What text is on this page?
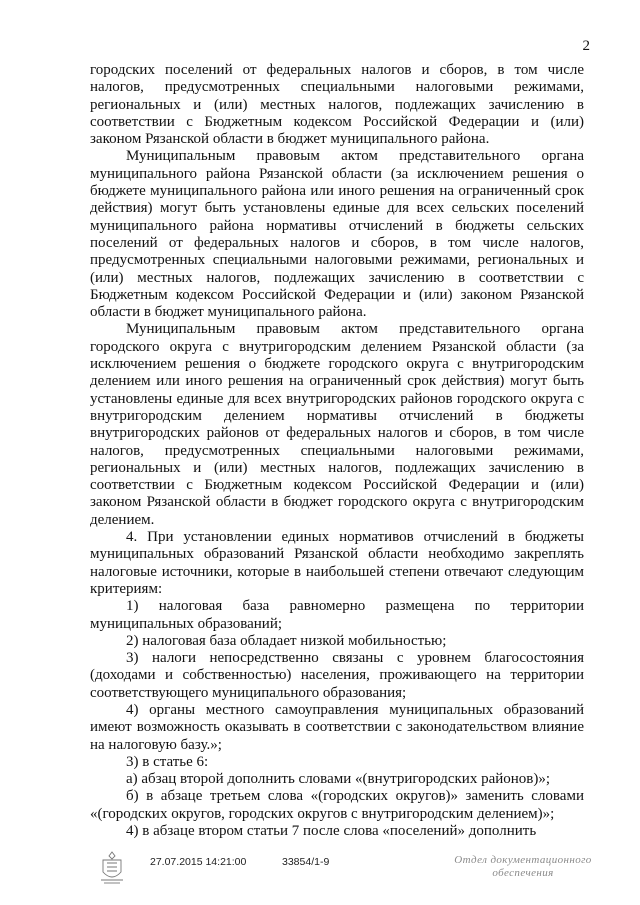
2

городских поселений от федеральных налогов и сборов, в том числе налогов, предусмотренных специальными налоговыми режимами, региональных и (или) местных налогов, подлежащих зачислению в соответствии с Бюджетным кодексом Российской Федерации и (или) законом Рязанской области в бюджет муниципального района.

Муниципальным правовым актом представительного органа муниципального района Рязанской области (за исключением решения о бюджете муниципального района или иного решения на ограниченный срок действия) могут быть установлены единые для всех сельских поселений муниципального района нормативы отчислений в бюджеты сельских поселений от федеральных налогов и сборов, в том числе налогов, предусмотренных специальными налоговыми режимами, региональных и (или) местных налогов, подлежащих зачислению в соответствии с Бюджетным кодексом Российской Федерации и (или) законом Рязанской области в бюджет муниципального района.

Муниципальным правовым актом представительного органа городского округа с внутригородским делением Рязанской области (за исключением решения о бюджете городского округа с внутригородским делением или иного решения на ограниченный срок действия) могут быть установлены единые для всех внутригородских районов городского округа с внутригородским делением нормативы отчислений в бюджеты внутригородских районов от федеральных налогов и сборов, в том числе налогов, предусмотренных специальными налоговыми режимами, региональных и (или) местных налогов, подлежащих зачислению в соответствии с Бюджетным кодексом Российской Федерации и (или) законом Рязанской области в бюджет городского округа с внутригородским делением.

4. При установлении единых нормативов отчислений в бюджеты муниципальных образований Рязанской области необходимо закреплять налоговые источники, которые в наибольшей степени отвечают следующим критериям:

1) налоговая база равномерно размещена по территории муниципальных образований;

2) налоговая база обладает низкой мобильностью;

3) налоги непосредственно связаны с уровнем благосостояния (доходами и собственностью) населения, проживающего на территории соответствующего муниципального образования;

4) органы местного самоуправления муниципальных образований имеют возможность оказывать в соответствии с законодательством влияние на налоговую базу.»;

3) в статье 6:

а) абзац второй дополнить словами «(внутригородских районов)»;

б) в абзаце третьем слова «(городских округов)» заменить словами «(городских округов, городских округов с внутригородским делением)»;

4) в абзаце втором статьи 7 после слова «поселений» дополнить

27.07.2015 14:21:00	33854/1-9	Отдел документационного
обеспечения
